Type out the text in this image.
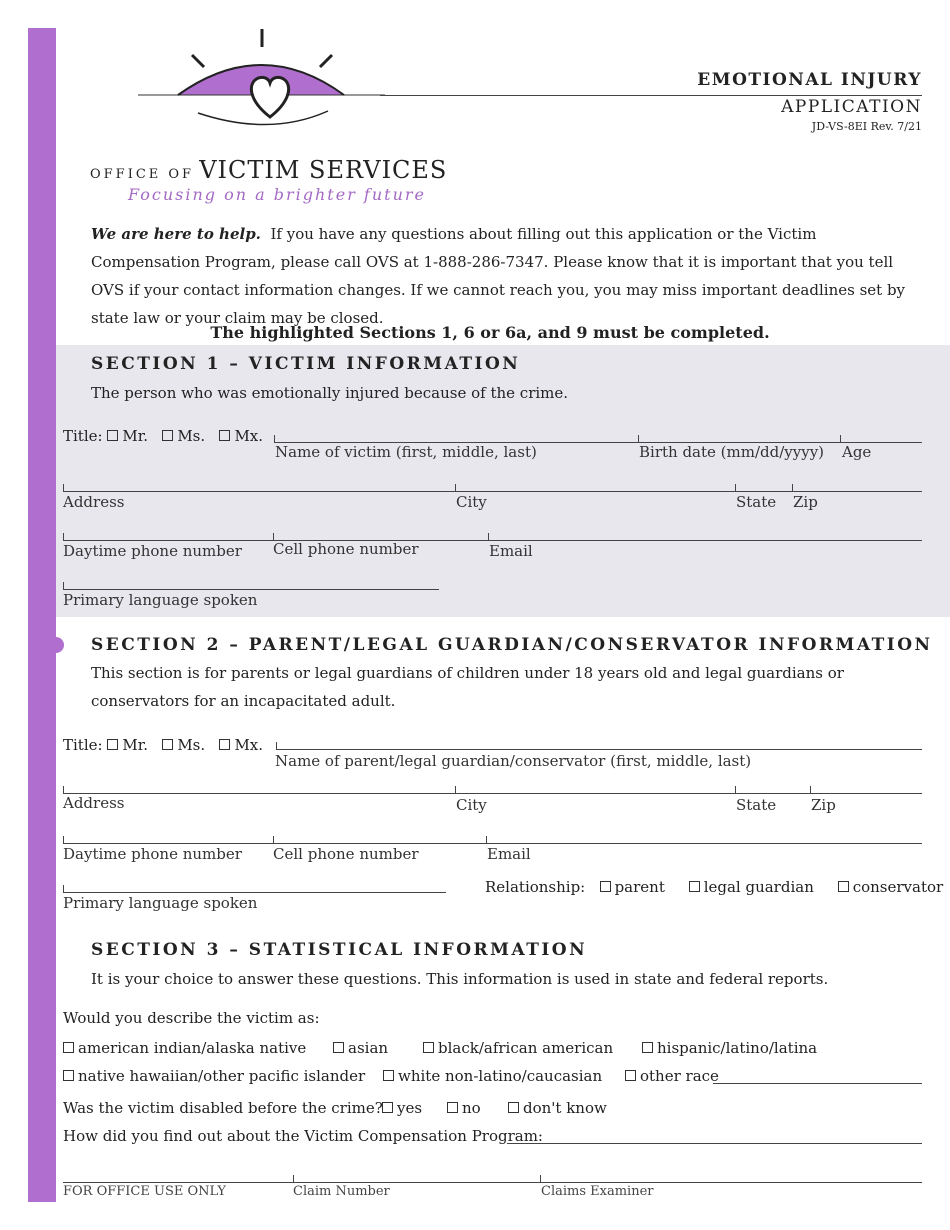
EMOTIONAL INJURY
APPLICATION
JD-VS-8EI Rev. 7/21
OFFICE OF VICTIM SERVICES
Focusing on a brighter future
We are here to help. If you have any questions about filling out this application or the Victim Compensation Program, please call OVS at 1-888-286-7347. Please know that it is important that you tell OVS if your contact information changes. If we cannot reach you, you may miss important deadlines set by state law or your claim may be closed.
The highlighted Sections 1, 6 or 6a, and 9 must be completed.
SECTION 1 – VICTIM INFORMATION
The person who was emotionally injured because of the crime.
Title: Mr. Ms. Mx.
Name of victim (first, middle, last)	Birth date (mm/dd/yyyy) Age
Address	City	State Zip
Daytime phone number Cell phone number	Email
Primary language spoken
SECTION 2 – PARENT/LEGAL GUARDIAN/CONSERVATOR INFORMATION
This section is for parents or legal guardians of children under 18 years old and legal guardians or conservators for an incapacitated adult.
Title: Mr. Ms. Mx.
Name of parent/legal guardian/conservator (first, middle, last)
Address	City	State Zip
Daytime phone number Cell phone number	Email
Primary language spoken
Relationship: parent	legal guardian	conservator
SECTION 3 – STATISTICAL INFORMATION
It is your choice to answer these questions. This information is used in state and federal reports.
Would you describe the victim as:
american indian/alaska native	asian	black/african american	hispanic/latino/latina
native hawaiian/other pacific islander	white non-latino/caucasian	other race
Was the victim disabled before the crime? yes	no	don't know
How did you find out about the Victim Compensation Program:
FOR OFFICE USE ONLY	Claim Number	Claims Examiner
